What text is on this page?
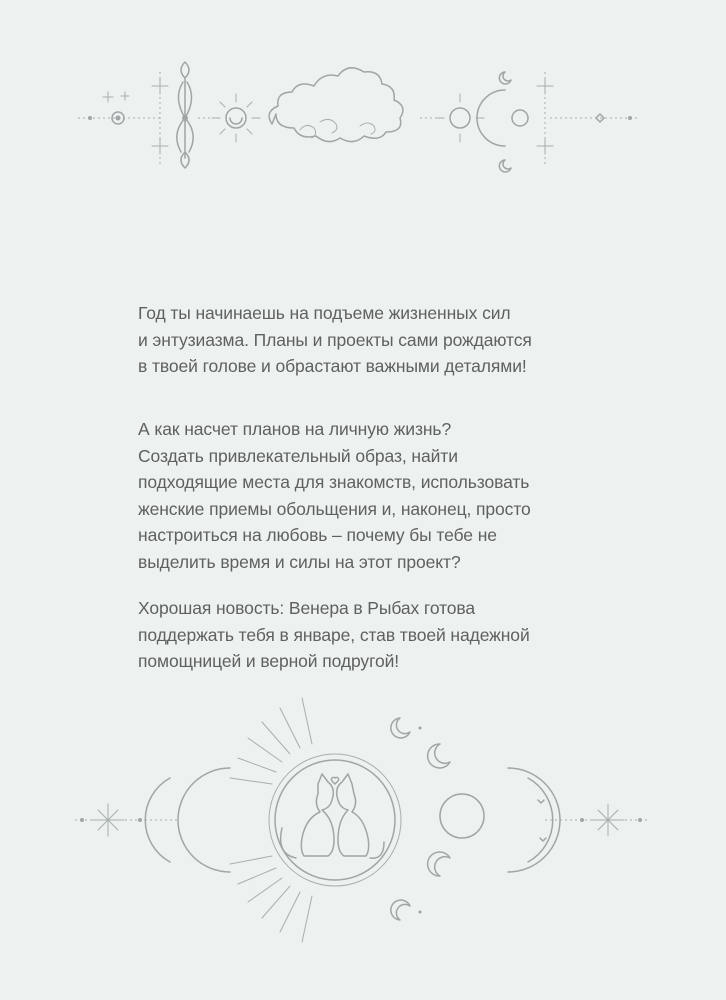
Год ты начинаешь на подъеме жизненных сил
и энтузиазма. Планы и проекты сами рождаются
в твоей голове и обрастают важными деталями!

А как насчет планов на личную жизнь?
Создать привлекательный образ, найти
подходящие места для знакомств, использовать
женские приемы обольщения и, наконец, просто
настроиться на любовь – почему бы тебе не
выделить время и силы на этот проект?

Хорошая новость: Венера в Рыбах готова
поддержать тебя в январе, став твоей надежной
помощницей и верной подругой!
